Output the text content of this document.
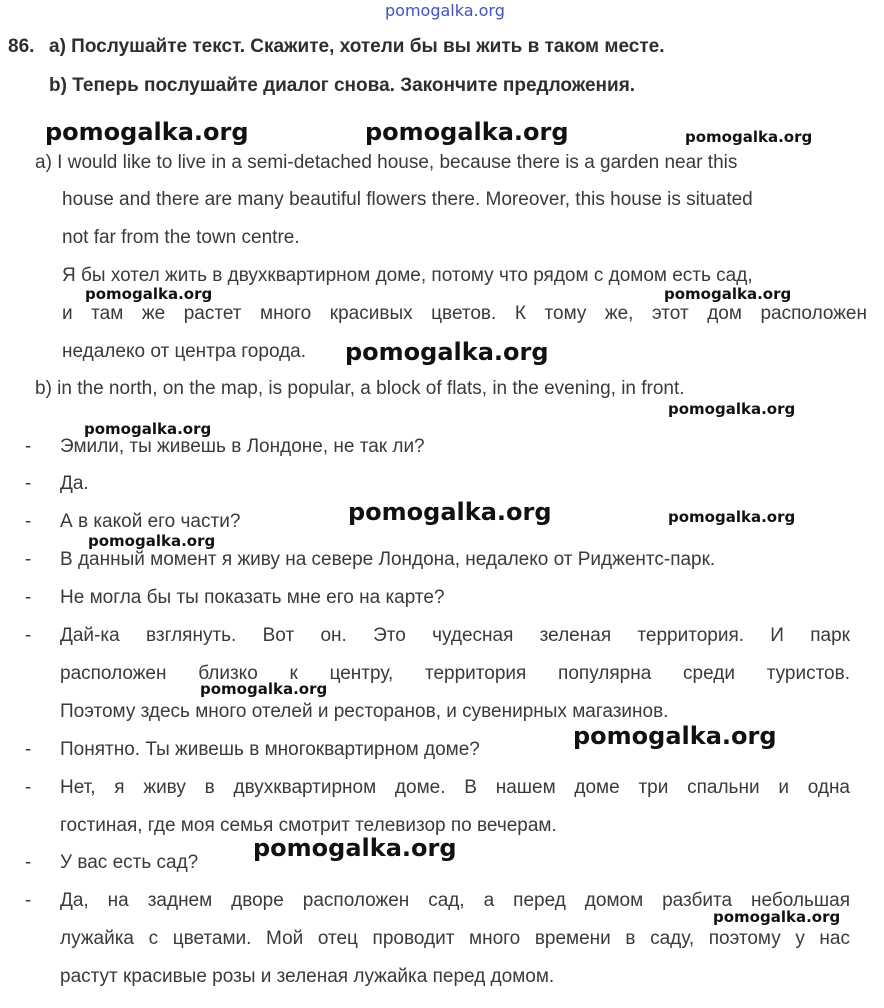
pomogalka.org
86. a) Послушайте текст. Скажите, хотели бы вы жить в таком месте.
b) Теперь послушайте диалог снова. Закончите предложения.
a) I would like to live in a semi-detached house, because there is a garden near this
house and there are many beautiful flowers there. Moreover, this house is situated
not far from the town centre.
Я бы хотел жить в двухквартирном доме, потому что рядом с домом есть сад,
и там же растет много красивых цветов. К тому же, этот дом расположен
недалеко от центра города.
b) in the north, on the map, is popular, a block of flats, in the evening, in front.
- Эмили, ты живешь в Лондоне, не так ли?
- Да.
- А в какой его части?
- В данный момент я живу на севере Лондона, недалеко от Риджентс-парк.
- Не могла бы ты показать мне его на карте?
- Дай-ка взглянуть. Вот он. Это чудесная зеленая территория. И парк
расположен близко к центру, территория популярна среди туристов.
Поэтому здесь много отелей и ресторанов, и сувенирных магазинов.
- Понятно. Ты живешь в многоквартирном доме?
- Нет, я живу в двухквартирном доме. В нашем доме три спальни и одна
гостиная, где моя семья смотрит телевизор по вечерам.
- У вас есть сад?
- Да, на заднем дворе расположен сад, а перед домом разбита небольшая
лужайка с цветами. Мой отец проводит много времени в саду, поэтому у нас
растут красивые розы и зеленая лужайка перед домом.
pomogalka.org	pomogalka.org	pomogalka.org
pomogalka.org	pomogalka.org
pomogalka.org
pomogalka.org
pomogalka.org
pomogalka.org	pomogalka.org
pomogalka.org
pomogalka.org
pomogalka.org
pomogalka.org
pomogalka.org
